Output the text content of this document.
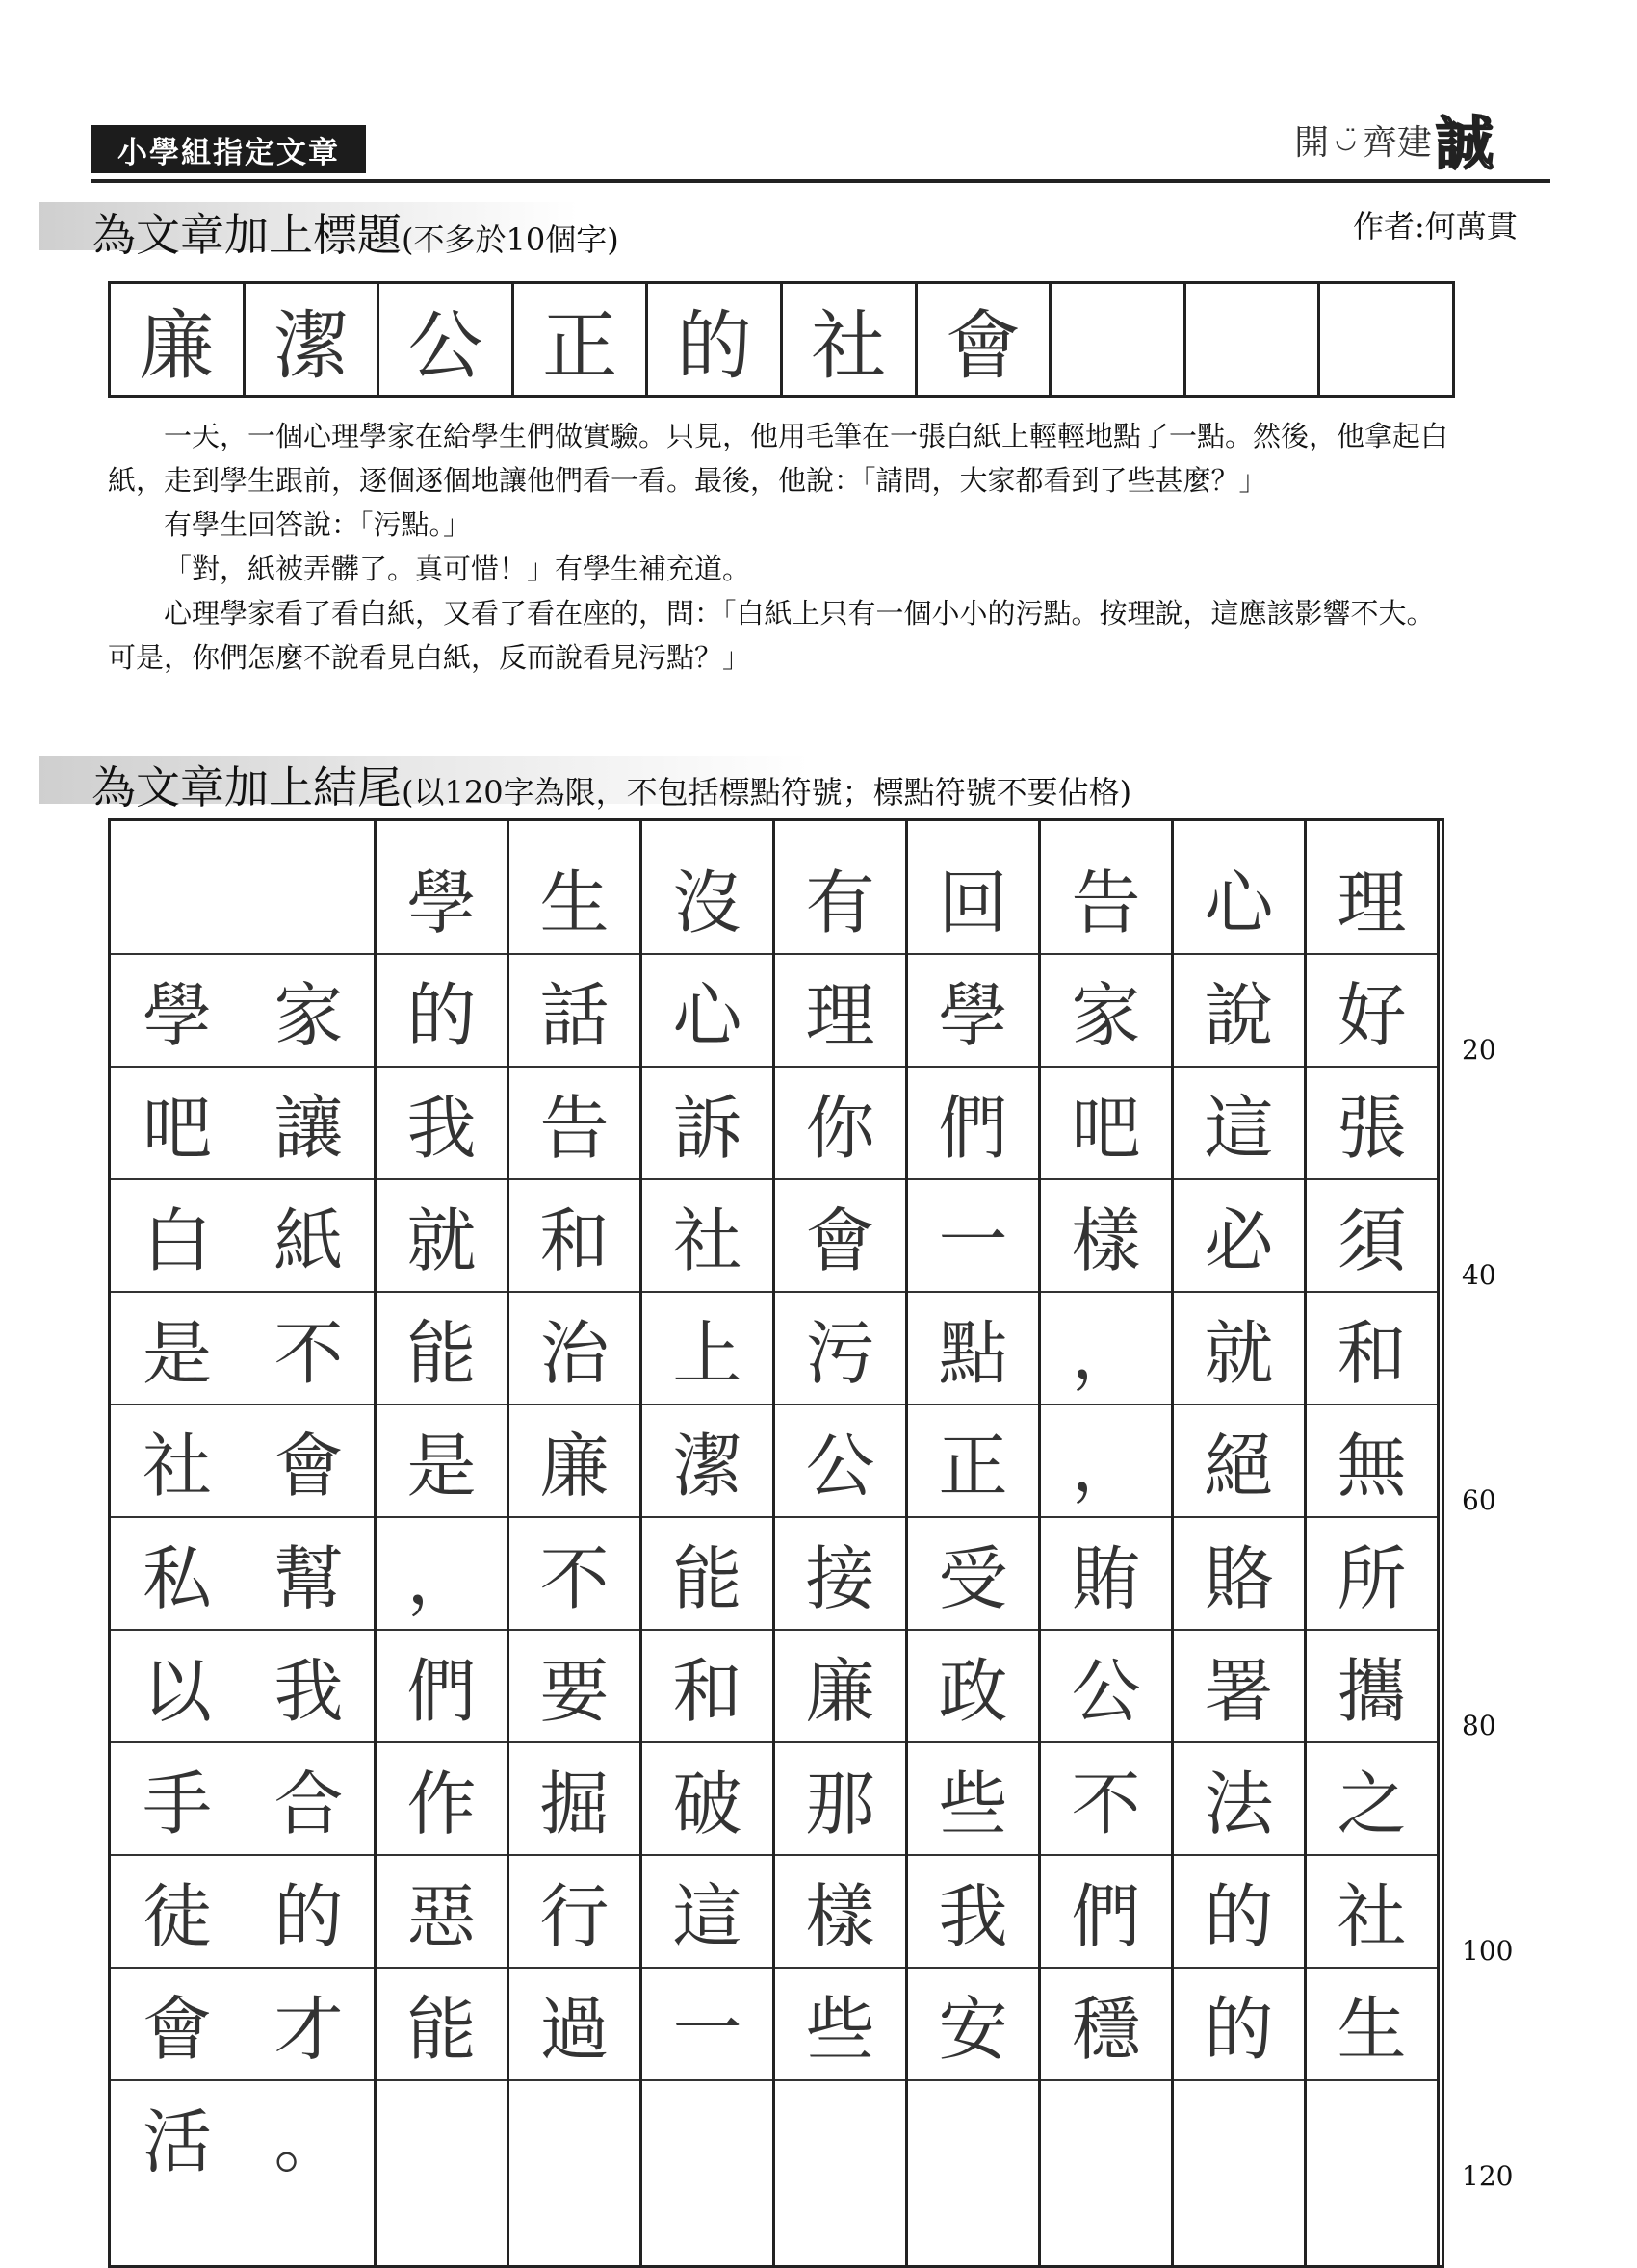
小學組指定文章	開 ◡̈ 齊建 誠
為文章加上標題(不多於10個字)	作者:何萬貫
廉 潔 公 正 的 社 會

一天，一個心理學家在給學生們做實驗。只見，他用毛筆在一張白紙上輕輕地點了一點。然後，他拿起白紙，走到學生跟前，逐個逐個地讓他們看一看。最後，他說：「請問，大家都看到了些甚麼？」

有學生回答說：「污點。」

「對，紙被弄髒了。真可惜！」有學生補充道。

心理學家看了看白紙，又看了看在座的，問：「白紙上只有一個小小的污點。按理說，這應該影響不大。可是，你們怎麼不說看見白紙，反而說看見污點？」

為文章加上結尾(以120字為限，不包括標點符號；標點符號不要佔格)
理
好
張
須
和
無
所
攜
之
社
生
心
說
這
必
就
絕
賂
署
法
的
的
告
家
吧
樣
，
，
賄
公
不
們
穩
回
學
們
一
點
正
受
政
些
我
安
有
理
你
會
污
公
接
廉
那
樣
些
沒
心
訴
社
上
潔
能
和
破
這
一
生
話
告
和
治
廉
不
要
掘
行
過
學
的
我
就
能
是
，
們
作
惡
能
家
讓
紙
不
會
幫
我
合
的
才
。
學
吧
白
是
社
私
以
手
徒
會
活
20
40
60
80
100
120
